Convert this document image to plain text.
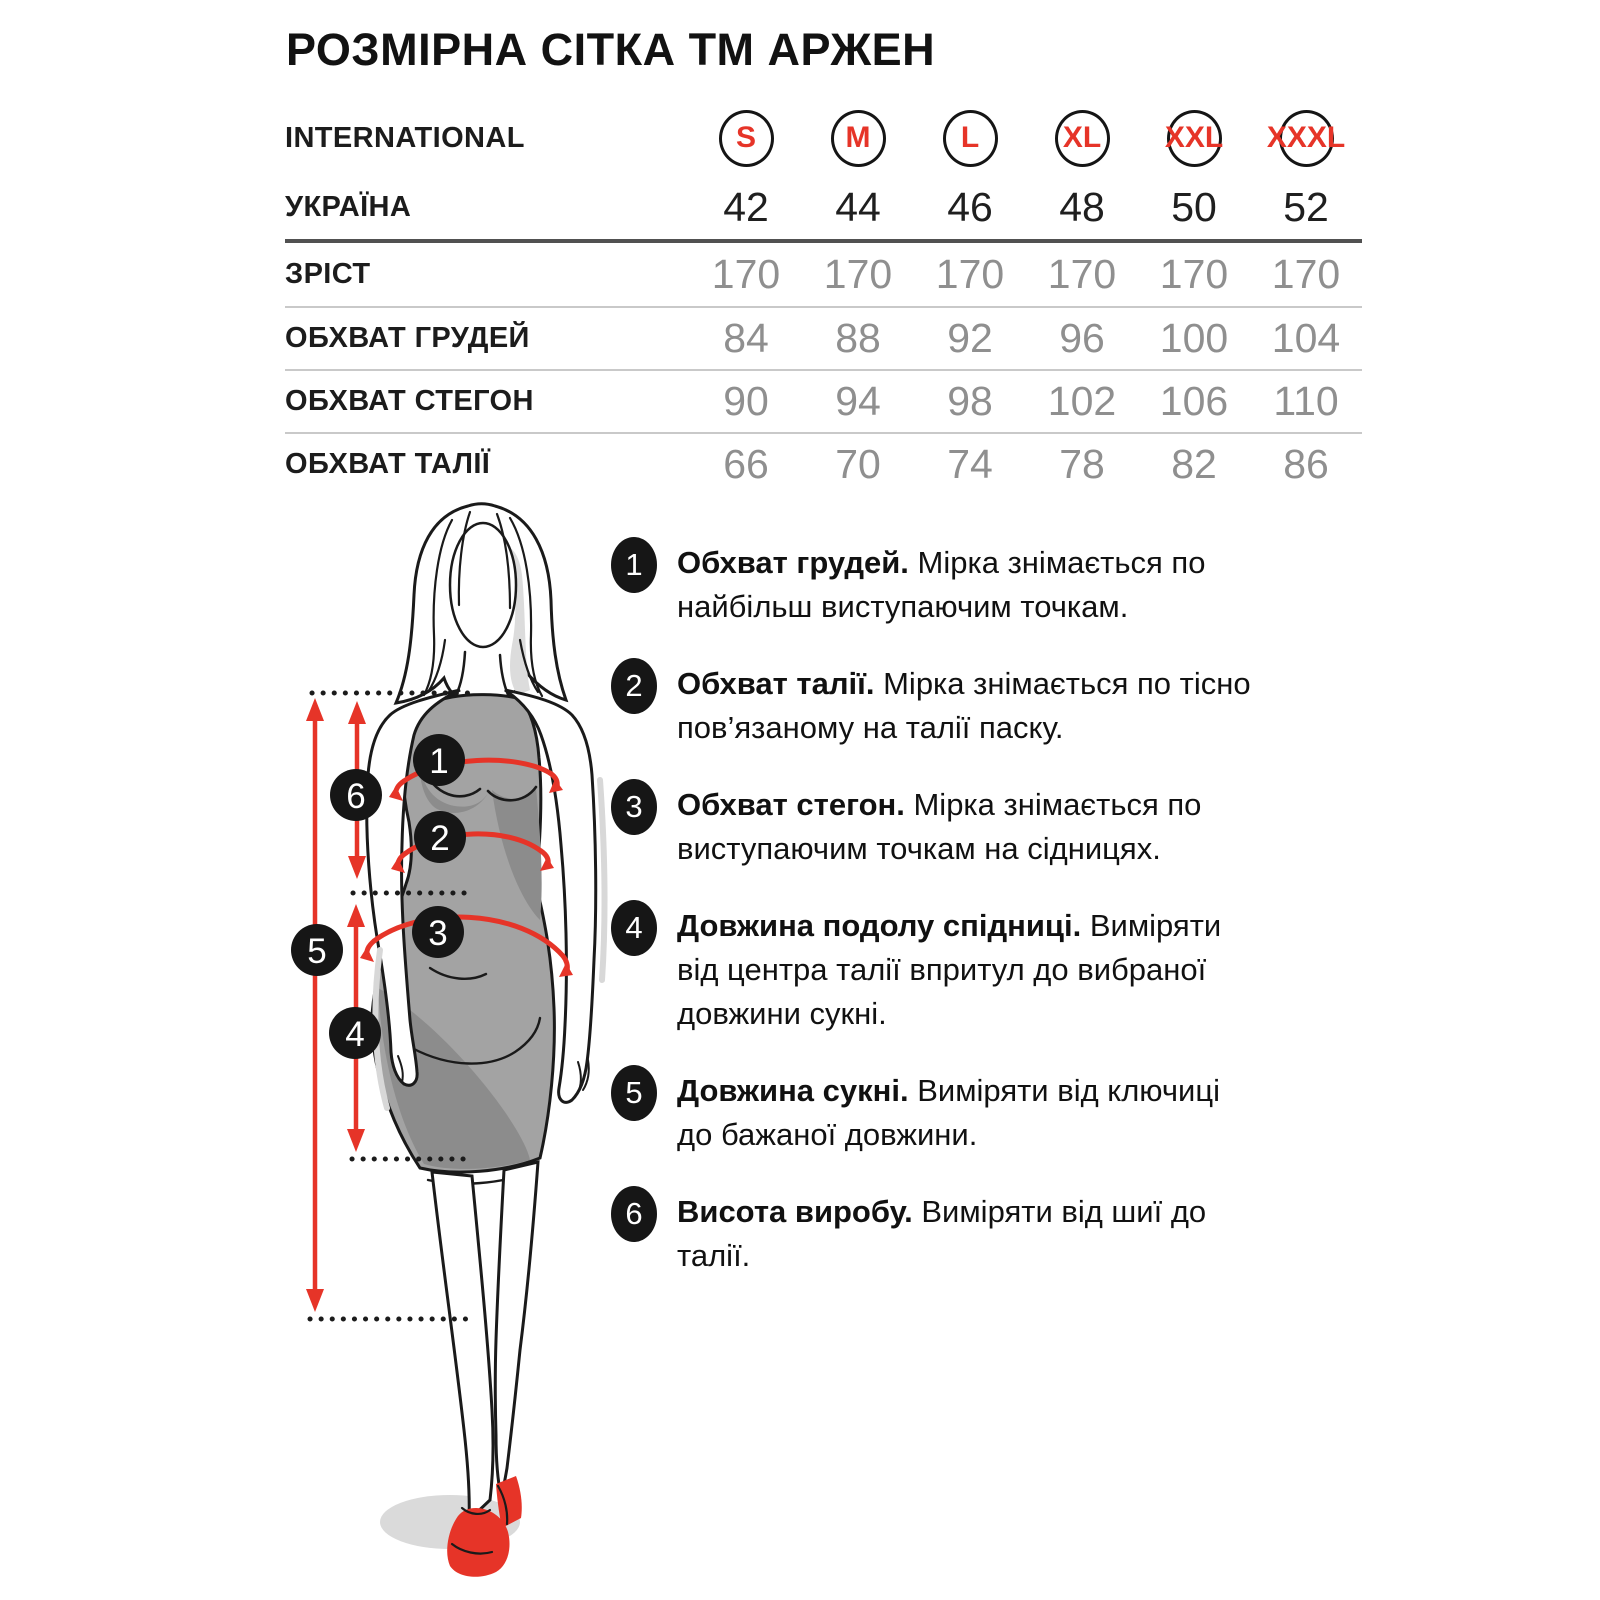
РОЗМІРНА СІТКА ТМ АРЖЕН
INTERNATIONAL	S	M	L	XL XXL XXXL
УКРАЇНА	42	44	46	48	50	52
ЗРІСТ	170	170	170	170	170	170
ОБХВАТ ГРУДЕЙ	84	88	92	96	100	104
ОБХВАТ СТЕГОН	90	94	98	102	106	110
ОБХВАТ ТАЛІЇ	66	70	74	78	82	86
1
2
3
4
5
6
1	Обхват грудей. Мірка знімається по найбільш виступаючим точкам.
2	Обхват талії. Мірка знімається по тісно пов’язаному на талії паску.
3	Обхват стегон. Мірка знімається по виступаючим точкам на сідницях.
4	Довжина подолу спідниці. Виміряти від центра талії впритул до вибраної довжини сукні.
5	Довжина сукні. Виміряти від ключиці до бажаної довжини.
6	Висота виробу. Виміряти від шиї до талії.
